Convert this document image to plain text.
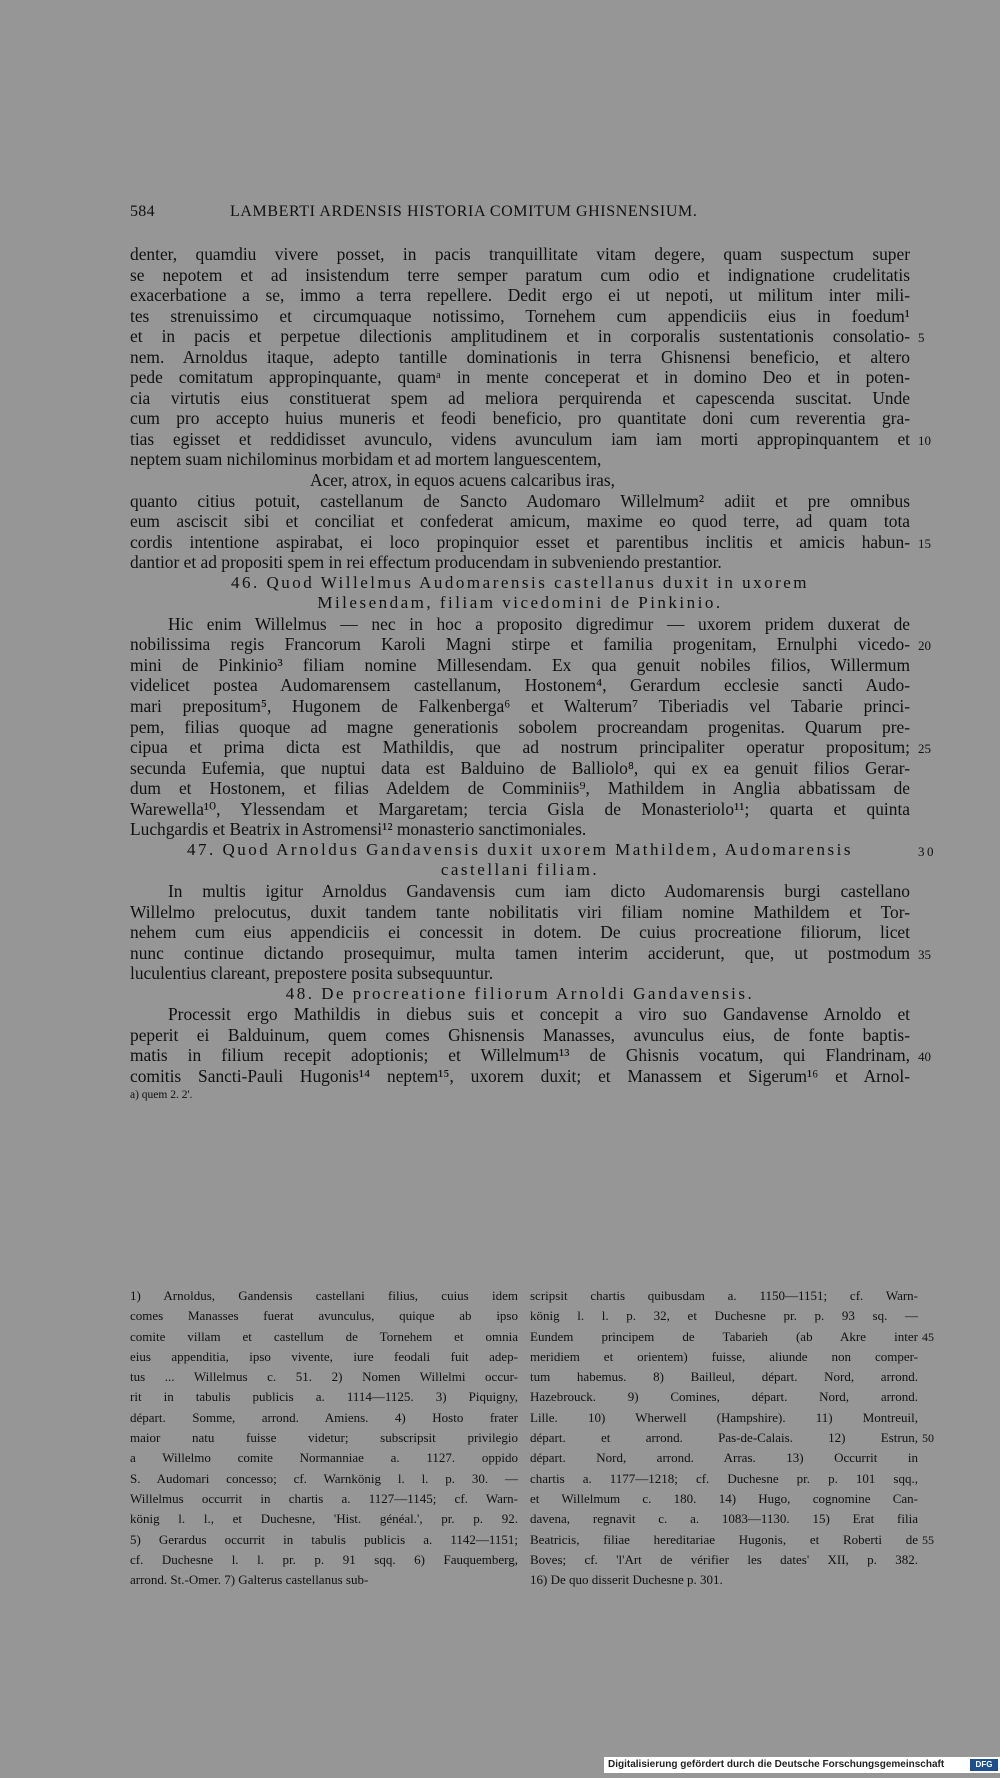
584	LAMBERTI ARDENSIS HISTORIA COMITUM GHISNENSIUM.
denter, quamdiu vivere posset, in pacis tranquillitate vitam degere, quam suspectum super
se nepotem et ad insistendum terre semper paratum cum odio et indignatione crudelitatis
exacerbatione a se, immo a terra repellere. Dedit ergo ei ut nepoti, ut militum inter mili-
tes strenuissimo et circumquaque notissimo, Tornehem cum appendiciis eius in foedum¹
et in pacis et perpetue dilectionis amplitudinem et in corporalis sustentationis consolatio- 5
nem. Arnoldus itaque, adepto tantille dominationis in terra Ghisnensi beneficio, et altero
pede comitatum appropinquante, quamᵃ in mente conceperat et in domino Deo et in poten-
cia virtutis eius constituerat spem ad meliora perquirenda et capescenda suscitat. Unde
cum pro accepto huius muneris et feodi beneficio, pro quantitate doni cum reverentia gra-
tias egisset et reddidisset avunculo, videns avunculum iam iam morti appropinquantem et 10
neptem suam nichilominus morbidam et ad mortem languescentem,
Acer, atrox, in equos acuens calcaribus iras,
quanto citius potuit, castellanum de Sancto Audomaro Willelmum² adiit et pre omnibus
eum asciscit sibi et conciliat et confederat amicum, maxime eo quod terre, ad quam tota
cordis intentione aspirabat, ei loco propinquior esset et parentibus inclitis et amicis habun- 15
dantior et ad propositi spem in rei effectum producendam in subveniendo prestantior.
46. Quod Willelmus Audomarensis castellanus duxit in uxorem
Milesendam, filiam vicedomini de Pinkinio.
Hic enim Willelmus — nec in hoc a proposito digredimur — uxorem pridem duxerat de
nobilissima regis Francorum Karoli Magni stirpe et familia progenitam, Ernulphi vicedo- 20
mini de Pinkinio³ filiam nomine Millesendam. Ex qua genuit nobiles filios, Willermum
videlicet postea Audomarensem castellanum, Hostonem⁴, Gerardum ecclesie sancti Audo-
mari prepositum⁵, Hugonem de Falkenberga⁶ et Walterum⁷ Tiberiadis vel Tabarie princi-
pem, filias quoque ad magne generationis sobolem procreandam progenitas. Quarum pre-
cipua et prima dicta est Mathildis, que ad nostrum principaliter operatur propositum; 25
secunda Eufemia, que nuptui data est Balduino de Balliolo⁸, qui ex ea genuit filios Gerar-
dum et Hostonem, et filias Adeldem de Comminiis⁹, Mathildem in Anglia abbatissam de
Warewella¹⁰, Ylessendam et Margaretam; tercia Gisla de Monasteriolo¹¹; quarta et quinta
Luchgardis et Beatrix in Astromensi¹² monasterio sanctimoniales.
47. Quod Arnoldus Gandavensis duxit uxorem Mathildem, Audomarensis	30
castellani filiam.
In multis igitur Arnoldus Gandavensis cum iam dicto Audomarensis burgi castellano
Willelmo prelocutus, duxit tandem tante nobilitatis viri filiam nomine Mathildem et Tor-
nehem cum eius appendiciis ei concessit in dotem. De cuius procreatione filiorum, licet
nunc continue dictando prosequimur, multa tamen interim acciderunt, que, ut postmodum 35
luculentius clareant, prepostere posita subsequuntur.
48. De procreatione filiorum Arnoldi Gandavensis.
Processit ergo Mathildis in diebus suis et concepit a viro suo Gandavense Arnoldo et
peperit ei Balduinum, quem comes Ghisnensis Manasses, avunculus eius, de fonte baptis-
matis in filium recepit adoptionis; et Willelmum¹³ de Ghisnis vocatum, qui Flandrinam, 40
comitis Sancti-Pauli Hugonis¹⁴ neptem¹⁵, uxorem duxit; et Manassem et Sigerum¹⁶ et Arnol-
a) quem 2. 2'.
1) Arnoldus, Gandensis castellani filius, cuius idem
comes Manasses fuerat avunculus, quique ab ipso
comite villam et castellum de Tornehem et omnia
eius appenditia, ipso vivente, iure feodali fuit adep-
tus ... Willelmus c. 51. 2) Nomen Willelmi occur-
rit in tabulis publicis a. 1114—1125. 3) Piquigny,
départ. Somme, arrond. Amiens. 4) Hosto frater
maior natu fuisse videtur; subscripsit privilegio
a Willelmo comite Normanniae a. 1127. oppido
S. Audomari concesso; cf. Warnkönig l. l. p. 30. —
Willelmus occurrit in chartis a. 1127—1145; cf. Warn-
könig l. l., et Duchesne, 'Hist. généal.', pr. p. 92.
5) Gerardus occurrit in tabulis publicis a. 1142—1151;
cf. Duchesne l. l. pr. p. 91 sqq. 6) Fauquemberg,
arrond. St.-Omer. 7) Galterus castellanus sub-
scripsit chartis quibusdam a. 1150—1151; cf. Warn-
könig l. l. p. 32, et Duchesne pr. p. 93 sq. —
Eundem principem de Tabarieh (ab Akre inter 45
meridiem et orientem) fuisse, aliunde non comper-
tum habemus. 8) Bailleul, départ. Nord, arrond.
Hazebrouck. 9) Comines, départ. Nord, arrond.
Lille. 10) Wherwell (Hampshire). 11) Montreuil,
départ. et arrond. Pas-de-Calais. 12) Estrun, 50
départ. Nord, arrond. Arras. 13) Occurrit in
chartis a. 1177—1218; cf. Duchesne pr. p. 101 sqq.,
et Willelmum c. 180. 14) Hugo, cognomine Can-
davena, regnavit c. a. 1083—1130. 15) Erat filia
Beatricis, filiae hereditariae Hugonis, et Roberti de 55
Boves; cf. 'l'Art de vérifier les dates' XII, p. 382.
16) De quo disserit Duchesne p. 301.
Digitalisierung gefördert durch die Deutsche Forschungsgemeinschaft	DFG
